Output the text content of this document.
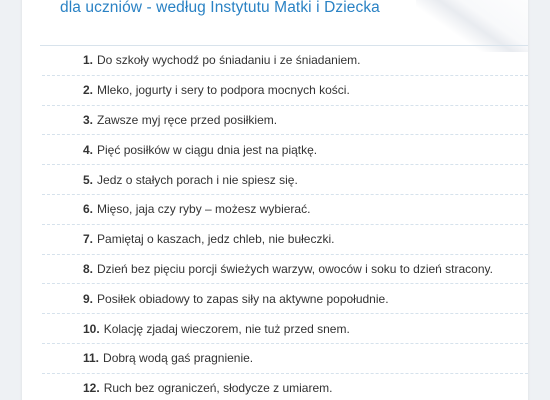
dla uczniów - według Instytutu Matki i Dziecka
1. Do szkoły wychodź po śniadaniu i ze śniadaniem.
2. Mleko, jogurty i sery to podpora mocnych kości.
3. Zawsze myj ręce przed posiłkiem.
4. Pięć posiłków w ciągu dnia jest na piątkę.
5. Jedz o stałych porach i nie spiesz się.
6. Mięso, jaja czy ryby – możesz wybierać.
7. Pamiętaj o kaszach, jedz chleb, nie bułeczki.
8. Dzień bez pięciu porcji świeżych warzyw, owoców i soku to dzień stracony.
9. Posiłek obiadowy to zapas siły na aktywne popołudnie.
10. Kolację zjadaj wieczorem, nie tuż przed snem.
11. Dobrą wodą gaś pragnienie.
12. Ruch bez ograniczeń, słodycze z umiarem.
